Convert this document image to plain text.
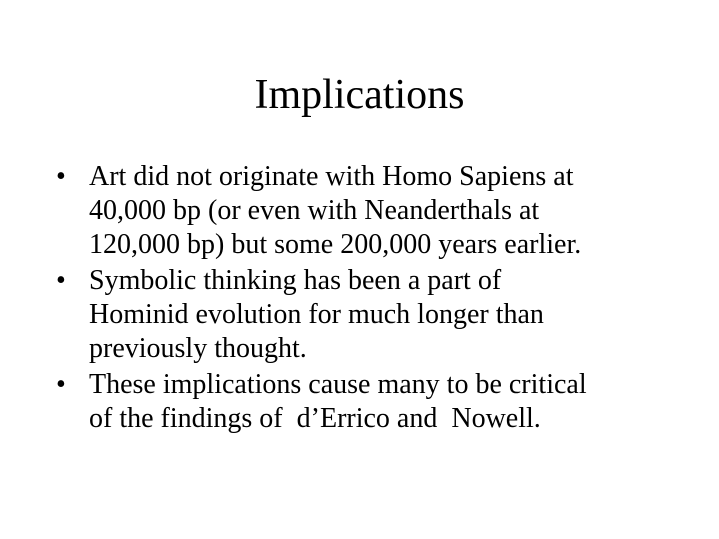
Implications
• Art did not originate with Homo Sapiens at
40,000 bp (or even with Neanderthals at
120,000 bp) but some 200,000 years earlier.
• Symbolic thinking has been a part of
Hominid evolution for much longer than
previously thought.
• These implications cause many to be critical
of the findings of  d’Errico and  Nowell.
